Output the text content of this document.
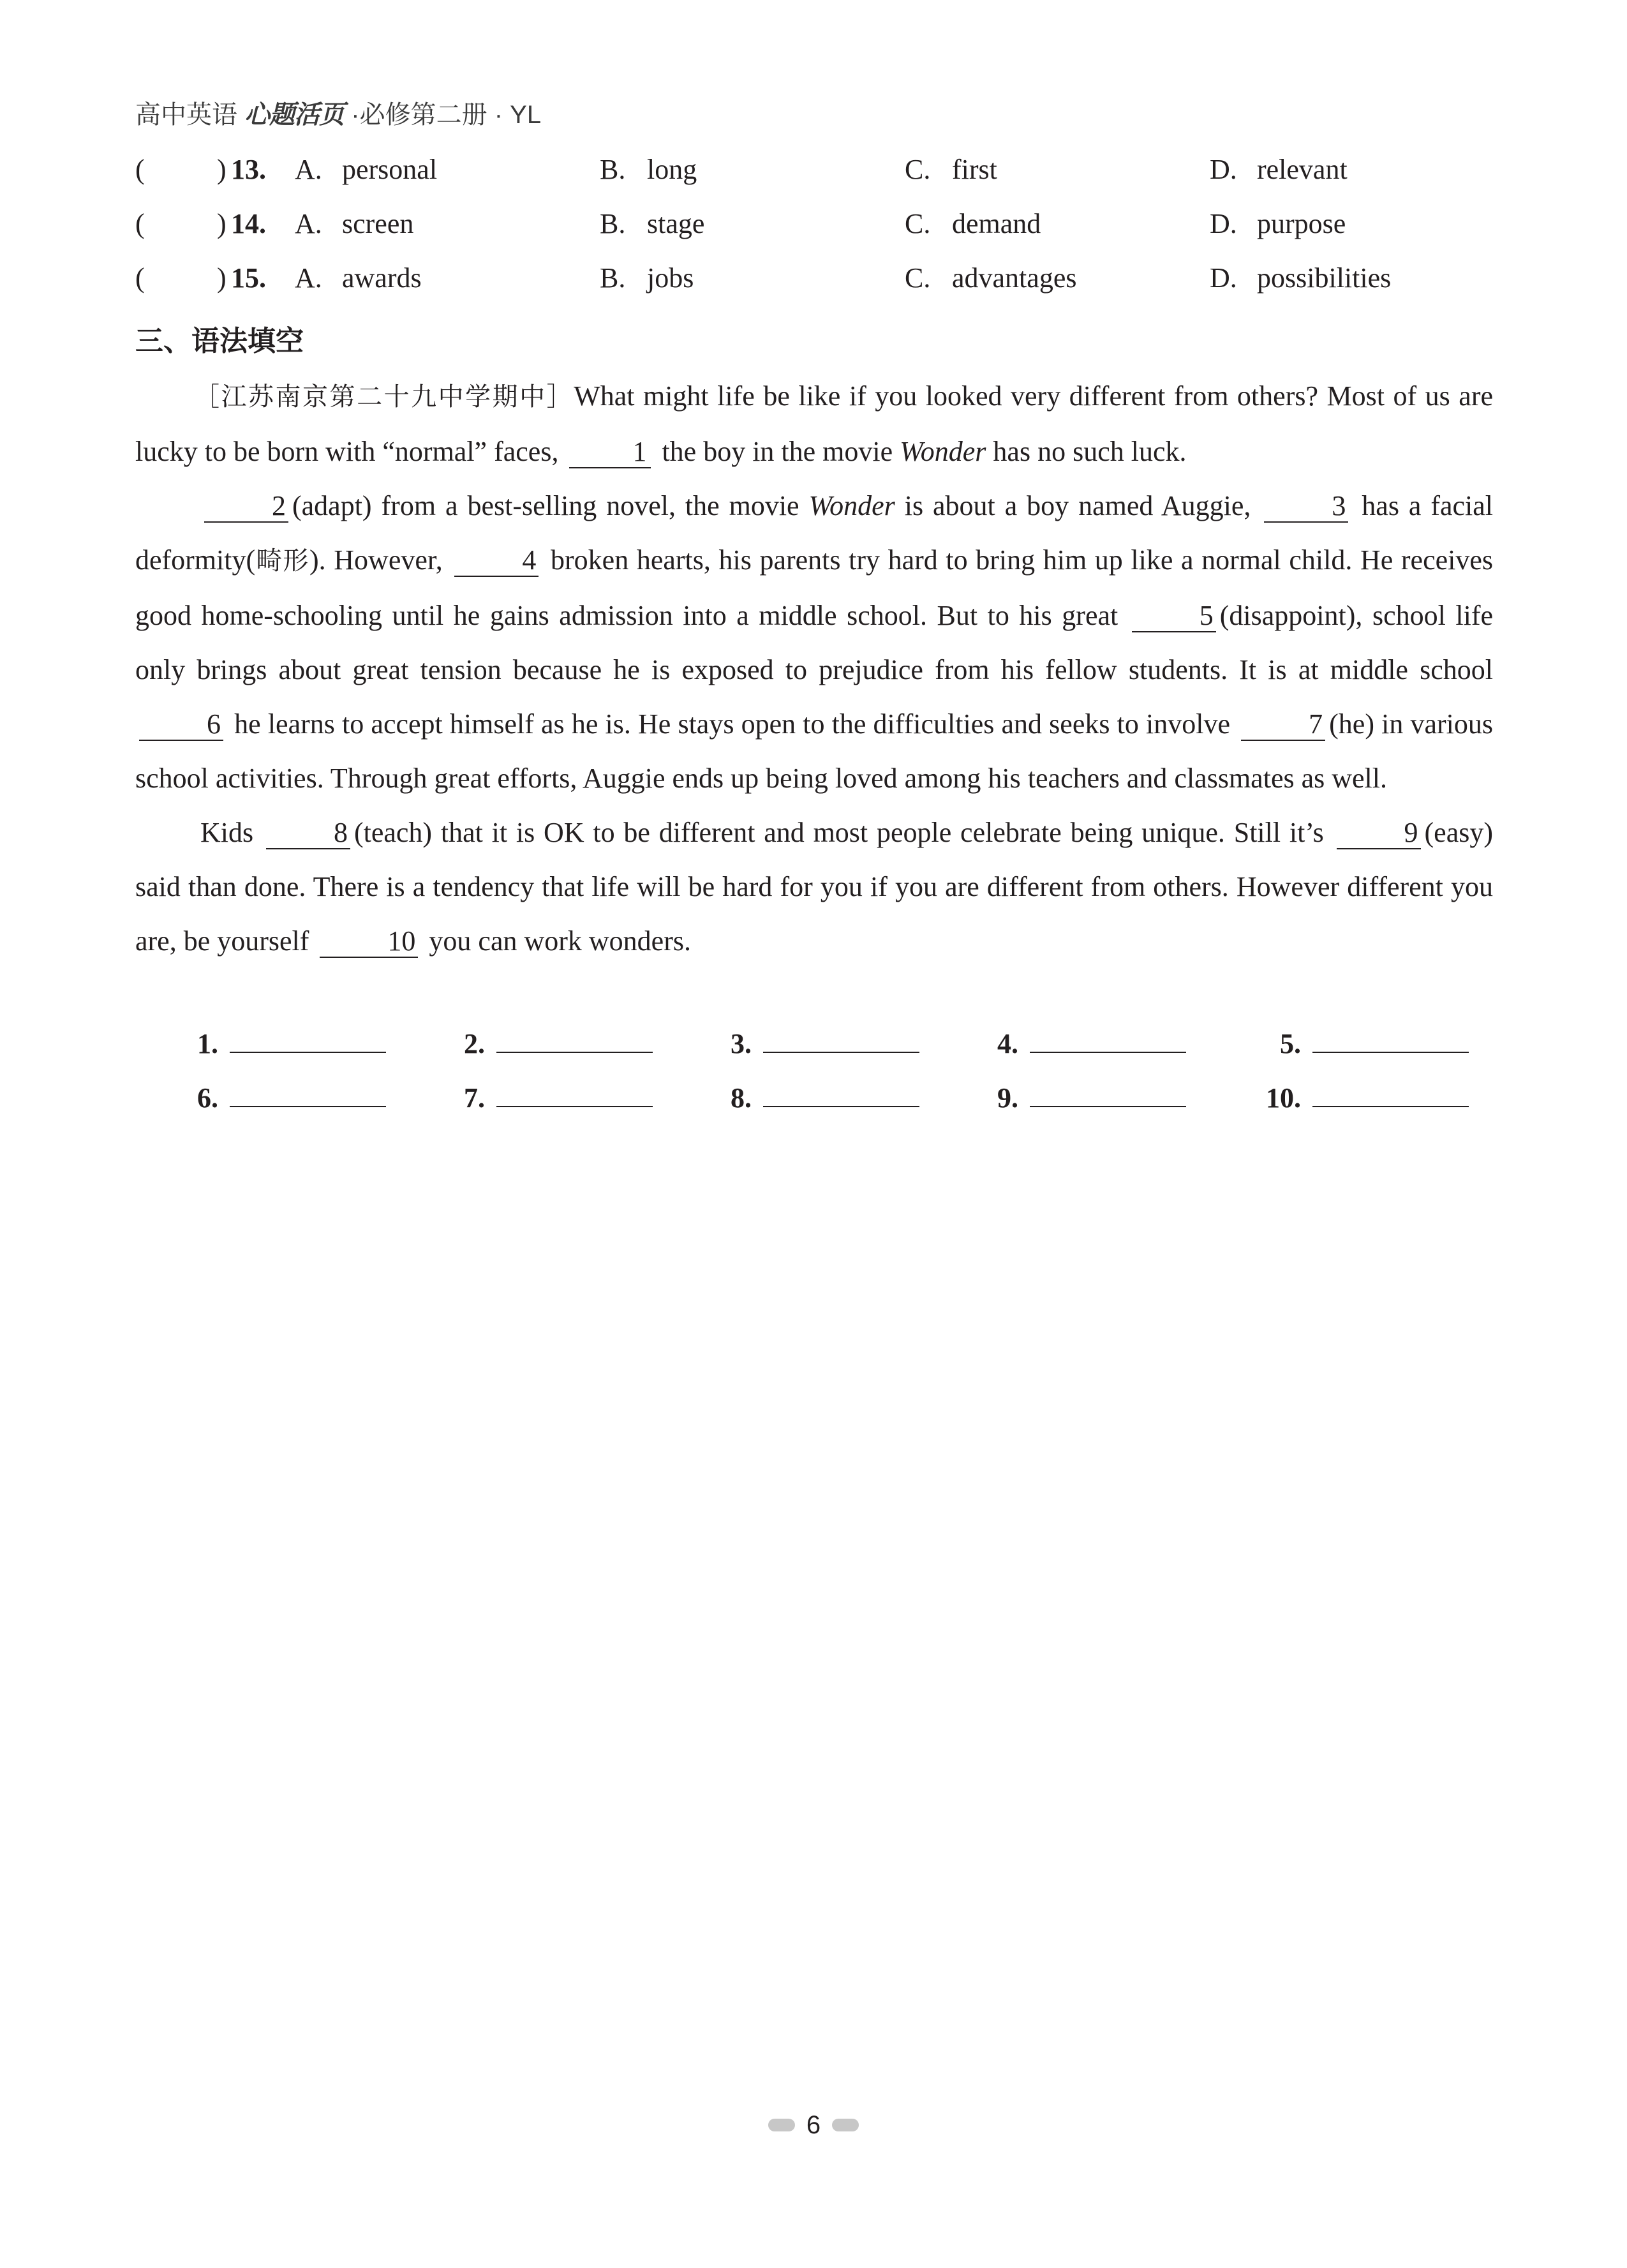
高中英语 心题活页 ·必修第二册 · YL
(	) 13. A. personal	B. long	C. first	D. relevant
(	) 14. A. screen	B. stage	C. demand	D. purpose
(	) 15. A. awards	B. jobs	C. advantages	D. possibilities
三、语法填空

［江苏南京第二十九中学期中］What might life be like if you looked very different from others? Most of us are lucky to be born with “normal” faces,	1 the boy in the movie Wonder has no such luck.

2 (adapt) from a best-selling novel, the movie Wonder is about a boy named Auggie,	3 has a facial deformity(畸形). However,	4 broken hearts, his parents try hard to bring him up like a normal child. He receives good home-schooling until he gains admission into a middle school. But to his great	5 (disappoint), school life only brings about great tension because he is exposed to prejudice from his fellow students. It is at middle school 6 he learns to accept himself as he is. He stays open to the difficulties and seeks to involve	7 (he) in various school activities. Through great efforts, Auggie ends up being loved among his teachers and classmates as well.

Kids	8 (teach) that it is OK to be different and most people celebrate being unique. Still it’s	9 (easy) said than done. There is a tendency that life will be hard for you if you are different from others. However different you are, be yourself	10 you can work wonders.

1.	2.	3.	4.	5.
6.	7.	8.	9.	10.
6
